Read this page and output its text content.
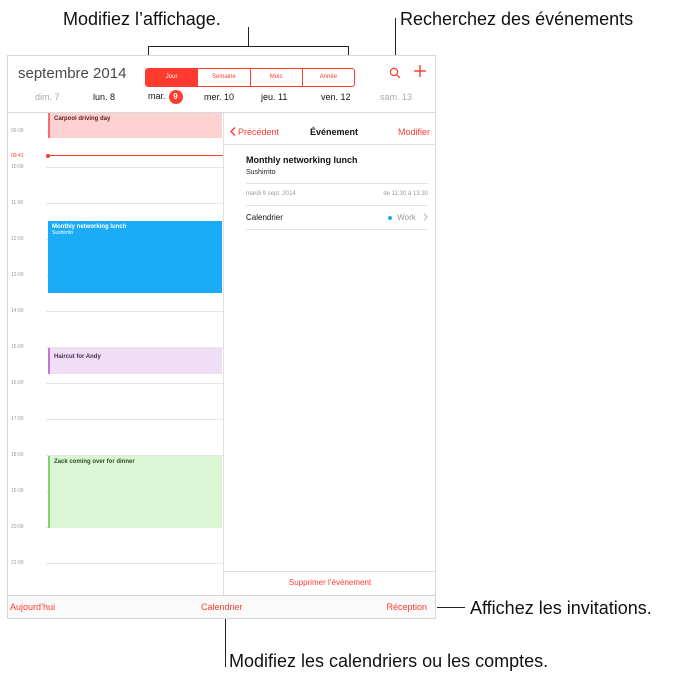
Modifiez l’affichage.	Recherchez des événements
Affichez les invitations.
Modifiez les calendriers ou les comptes.
septembre 2014	Jour	Semaine	Mois	Année
dim. 7	lun. 8	mar. 9	mer. 10	jeu. 11	ven. 12	sam. 13
09:00
10:00
11:00
12:00
13:00
14:00
15:00
16:00
17:00
18:00
19:00
20:00
21:00
09:41
Carpool driving day
Monthly networking lunch
Sushirrito
Haircut for Andy
Zack coming over for dinner
Précédent	Événement	Modifier
Monthly networking lunch
Sushirrito
mardi 9 sept. 2014	de 11:30 à 13:30
Calendrier	Work
Supprimer l’événement
Aujourd’hui	Calendrier	Réception
